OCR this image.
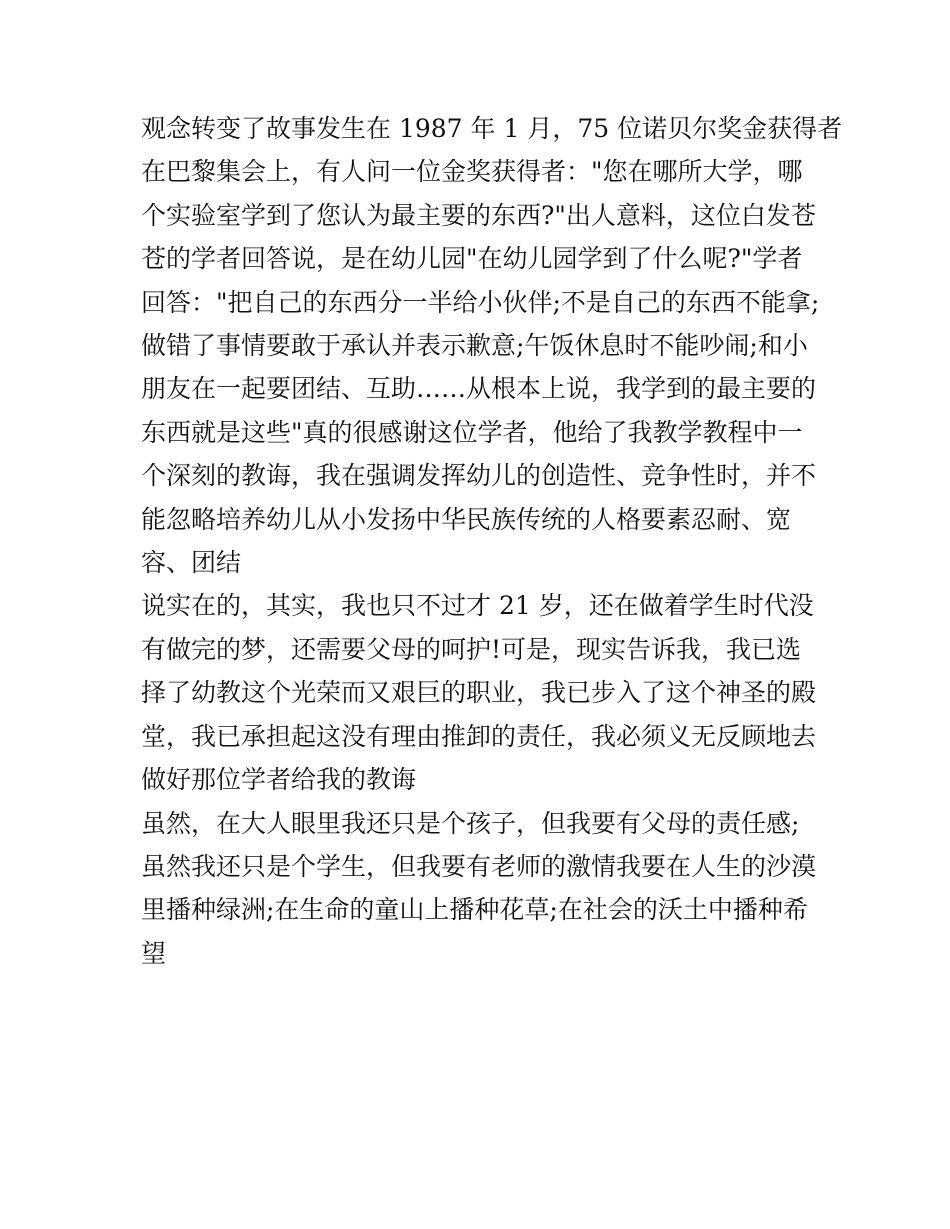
观念转变了故事发生在 1987 年 1 月，75 位诺贝尔奖金获得者
在巴黎集会上，有人问一位金奖获得者："您在哪所大学，哪
个实验室学到了您认为最主要的东西?"出人意料，这位白发苍
苍的学者回答说，是在幼儿园"在幼儿园学到了什么呢?"学者
回答："把自己的东西分一半给小伙伴;不是自己的东西不能拿;
做错了事情要敢于承认并表示歉意;午饭休息时不能吵闹;和小
朋友在一起要团结、互助……从根本上说，我学到的最主要的
东西就是这些"真的很感谢这位学者，他给了我教学教程中一
个深刻的教诲，我在强调发挥幼儿的创造性、竞争性时，并不
能忽略培养幼儿从小发扬中华民族传统的人格要素忍耐、宽
容、团结
说实在的，其实，我也只不过才 21 岁，还在做着学生时代没
有做完的梦，还需要父母的呵护!可是，现实告诉我，我已选
择了幼教这个光荣而又艰巨的职业，我已步入了这个神圣的殿
堂，我已承担起这没有理由推卸的责任，我必须义无反顾地去
做好那位学者给我的教诲
虽然，在大人眼里我还只是个孩子，但我要有父母的责任感;
虽然我还只是个学生，但我要有老师的激情我要在人生的沙漠
里播种绿洲;在生命的童山上播种花草;在社会的沃土中播种希
望
